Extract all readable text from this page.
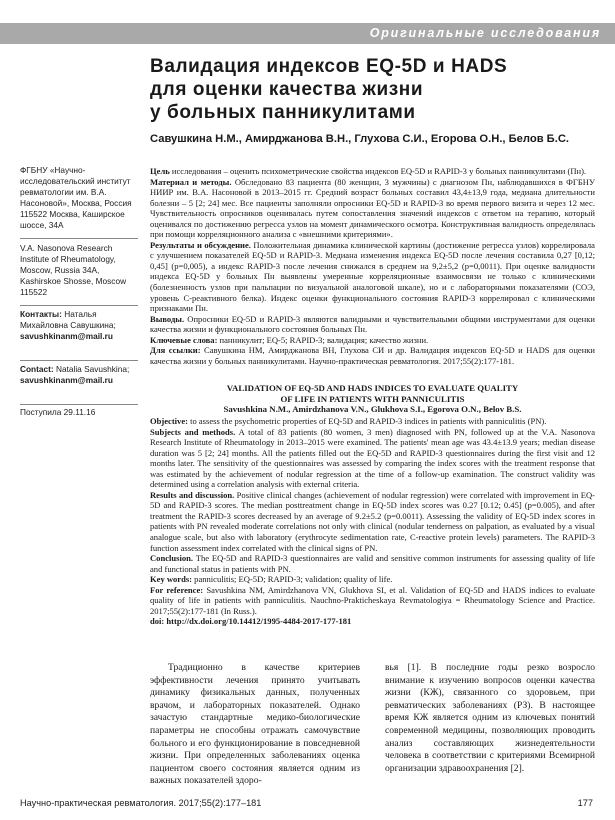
Оригинальные исследования
Валидация индексов EQ-5D и HADS
для оценки качества жизни
у больных панникулитами
Савушкина Н.М., Амирджанова В.Н., Глухова С.И., Егорова О.Н., Белов Б.С.
ФГБНУ «Научно-исследовательский институт ревматологии им. В.А. Насоновой», Москва, Россия 115522 Москва, Каширское шоссе, 34А
V.A. Nasonova Research Institute of Rheumatology, Moscow, Russia 34A, Kashirskoe Shosse, Moscow 115522
Контакты: Наталья Михайловна Савушкина;
savushkinanm@mail.ru
Contact: Natalia Savushkina;
savushkinanm@mail.ru
Поступила 29.11.16

Цель исследования – оценить психометрические свойства индексов EQ-5D и RAPID-3 у больных панникулитами (Пн).

Материал и методы. Обследовано 83 пациента (80 женщин, 3 мужчины) с диагнозом Пн, наблюдавшихся в ФГБНУ НИИР им. В.А. Насоновой в 2013–2015 гг. Средний возраст больных составил 43,4±13,9 года, медиана длительности болезни – 5 [2; 24] мес. Все пациенты заполняли опросники EQ-5D и RAPID-3 во время первого визита и через 12 мес. Чувствительность опросников оценивалась путем сопоставления значений индексов с ответом на терапию, который оценивался по достижению регресса узлов на момент динамического осмотра. Конструктивная валидность определялась при помощи корреляционного анализа с «внешними критериями».

Результаты и обсуждение. Положительная динамика клинической картины (достижение регресса узлов) коррелировала с улучшением показателей EQ-5D и RAPID-3. Медиана изменения индекса EQ-5D после лечения составила 0,27 [0,12; 0,45] (p=0,005), а индекс RAPID-3 после лечения снижался в среднем на 9,2±5,2 (p=0,0011). При оценке валидности индекса EQ-5D у больных Пн выявлены умеренные корреляционные взаимосвязи не только с клиническими (болезненность узлов при пальпации по визуальной аналоговой шкале), но и с лабораторными показателями (СОЭ, уровень С-реактивного белка). Индекс оценки функционального состояния RAPID-3 коррелировал с клиническими признаками Пн.

Выводы. Опросники EQ-5D и RAPID-3 являются валидными и чувствительными общими инструментами для оценки качества жизни и функционального состояния больных Пн.

Ключевые слова: панникулит; EQ-5; RAPID-3; валидация; качество жизни.

Для ссылки: Савушкина НМ, Амирджанова ВН, Глухова СИ и др. Валидация индексов EQ-5D и HADS для оценки качества жизни у больных панникулитами. Научно-практическая ревматология. 2017;55(2):177-181.

VALIDATION OF EQ-5D AND HADS INDICES TO EVALUATE QUALITY
OF LIFE IN PATIENTS WITH PANNICULITIS
Savushkina N.M., Amirdzhanova V.N., Glukhova S.I., Egorova O.N., Belov B.S.

Objective: to assess the psychometric properties of EQ-5D and RAPID-3 indices in patients with panniculitis (PN).

Subjects and methods. A total of 83 patients (80 women, 3 men) diagnosed with PN, followed up at the V.A. Nasonova Research Institute of Rheumatology in 2013–2015 were examined. The patients' mean age was 43.4±13.9 years; median disease duration was 5 [2; 24] months. All the patients filled out the EQ-5D and RAPID-3 questionnaires during the first visit and 12 months later. The sensitivity of the questionnaires was assessed by comparing the index scores with the treatment response that was estimated by the achievement of nodular regression at the time of a follow-up examination. The construct validity was determined using a correlation analysis with external criteria.

Results and discussion. Positive clinical changes (achievement of nodular regression) were correlated with improvement in EQ-5D and RAPID-3 scores. The median posttreatment change in EQ-5D index scores was 0.27 [0.12; 0.45] (p=0.005), and after treatment the RAPID-3 scores decreased by an average of 9.2±5.2 (p=0.0011). Assessing the validity of EQ-5D index scores in patients with PN revealed moderate correlations not only with clinical (nodular tenderness on palpation, as evaluated by a visual analogue scale, but also with laboratory (erythrocyte sedimentation rate, C-reactive protein levels) parameters. The RAPID-3 function assessment index correlated with the clinical signs of PN.

Conclusion. The EQ-5D and RAPID-3 questionnaires are valid and sensitive common instruments for assessing quality of life and functional status in patients with PN.

Key words: panniculitis; EQ-5D; RAPID-3; validation; quality of life.

For reference: Savushkina NM, Amirdzhanova VN, Glukhova SI, et al. Validation of EQ-5D and HADS indices to evaluate quality of life in patients with panniculitis. Nauchno-Prakticheskaya Revmatologiya = Rheumatology Science and Practice. 2017;55(2):177-181 (In Russ.).

doi: http://dx.doi.org/10.14412/1995-4484-2017-177-181

Традиционно в качестве критериев эффективности лечения принято учитывать динамику физикальных данных, полученных врачом, и лабораторных показателей. Однако зачастую стандартные медико-биологические параметры не способны отражать самочувствие больного и его функционирование в повседневной жизни. При определенных заболеваниях оценка пациентом своего состояния является одним из важных показателей здоро-
вья [1]. В последние годы резко возросло внимание к изучению вопросов оценки качества жизни (КЖ), связанного со здоровьем, при ревматических заболеваниях (РЗ). В настоящее время КЖ является одним из ключевых понятий современной медицины, позволяющих проводить анализ составляющих жизнедеятельности человека в соответствии с критериями Всемирной организации здравоохранения [2].
Научно-практическая ревматология. 2017;55(2):177–181	177
